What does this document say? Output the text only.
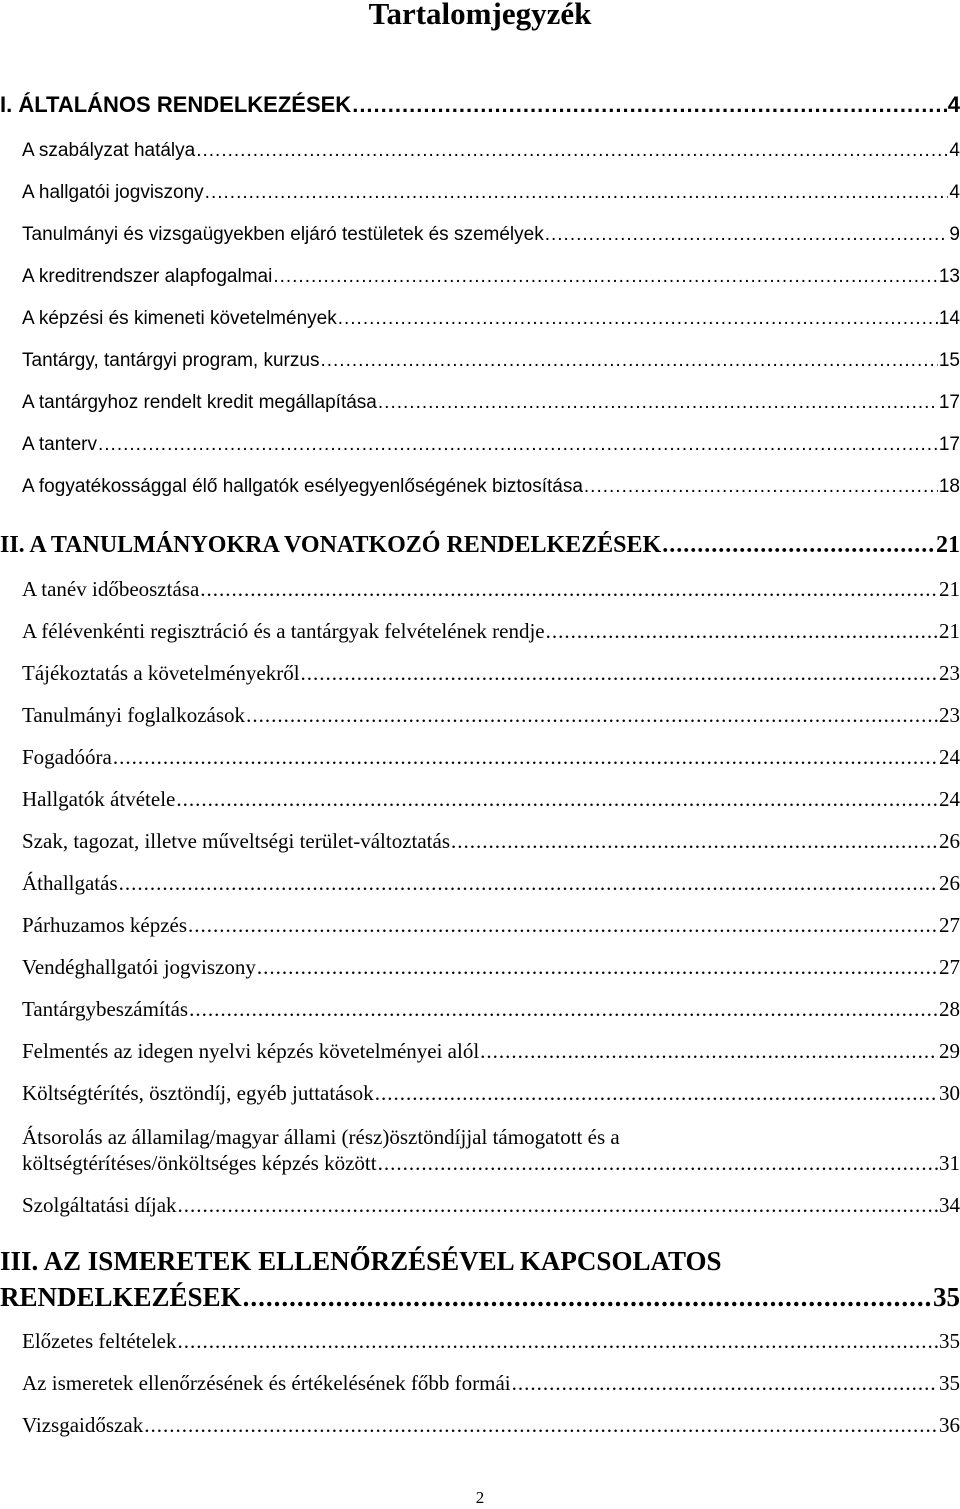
Tartalomjegyzék
I. ÁLTALÁNOS RENDELKEZÉSEK .....	4
A szabályzat hatálya .....	4
A hallgatói jogviszony .....	4
Tanulmányi és vizsgaügyekben eljáró testületek és személyek .....	9
A kreditrendszer alapfogalmai .....	13
A képzési és kimeneti követelmények .....	14
Tantárgy, tantárgyi program, kurzus .....	15
A tantárgyhoz rendelt kredit megállapítása .....	17
A tanterv .....	17
A fogyatékossággal élő hallgatók esélyegyenlőségének biztosítása .....	18
II. A TANULMÁNYOKRA VONATKOZÓ RENDELKEZÉSEK .....	21
A tanév időbeosztása .....	21
A félévenkénti regisztráció és a tantárgyak felvételének rendje .....	21
Tájékoztatás a követelményekről .....	23
Tanulmányi foglalkozások .....	23
Fogadóóra .....	24
Hallgatók átvétele .....	24
Szak, tagozat, illetve műveltségi terület-változtatás .....	26
Áthallgatás .....	26
Párhuzamos képzés .....	27
Vendéghallgatói jogviszony .....	27
Tantárgybeszámítás .....	28
Felmentés az idegen nyelvi képzés követelményei alól .....	29
Költségtérítés, ösztöndíj, egyéb juttatások .....	30
Átsorolás az államilag/magyar állami (rész)ösztöndíjjal támogatott és a
költségtérítéses/önköltséges képzés között .....	31
Szolgáltatási díjak .....	34
III. AZ ISMERETEK ELLENŐRZÉSÉVEL KAPCSOLATOS
RENDELKEZÉSEK .....	35
Előzetes feltételek .....	35
Az ismeretek ellenőrzésének és értékelésének főbb formái .....	35
Vizsgaidőszak .....	36
2
